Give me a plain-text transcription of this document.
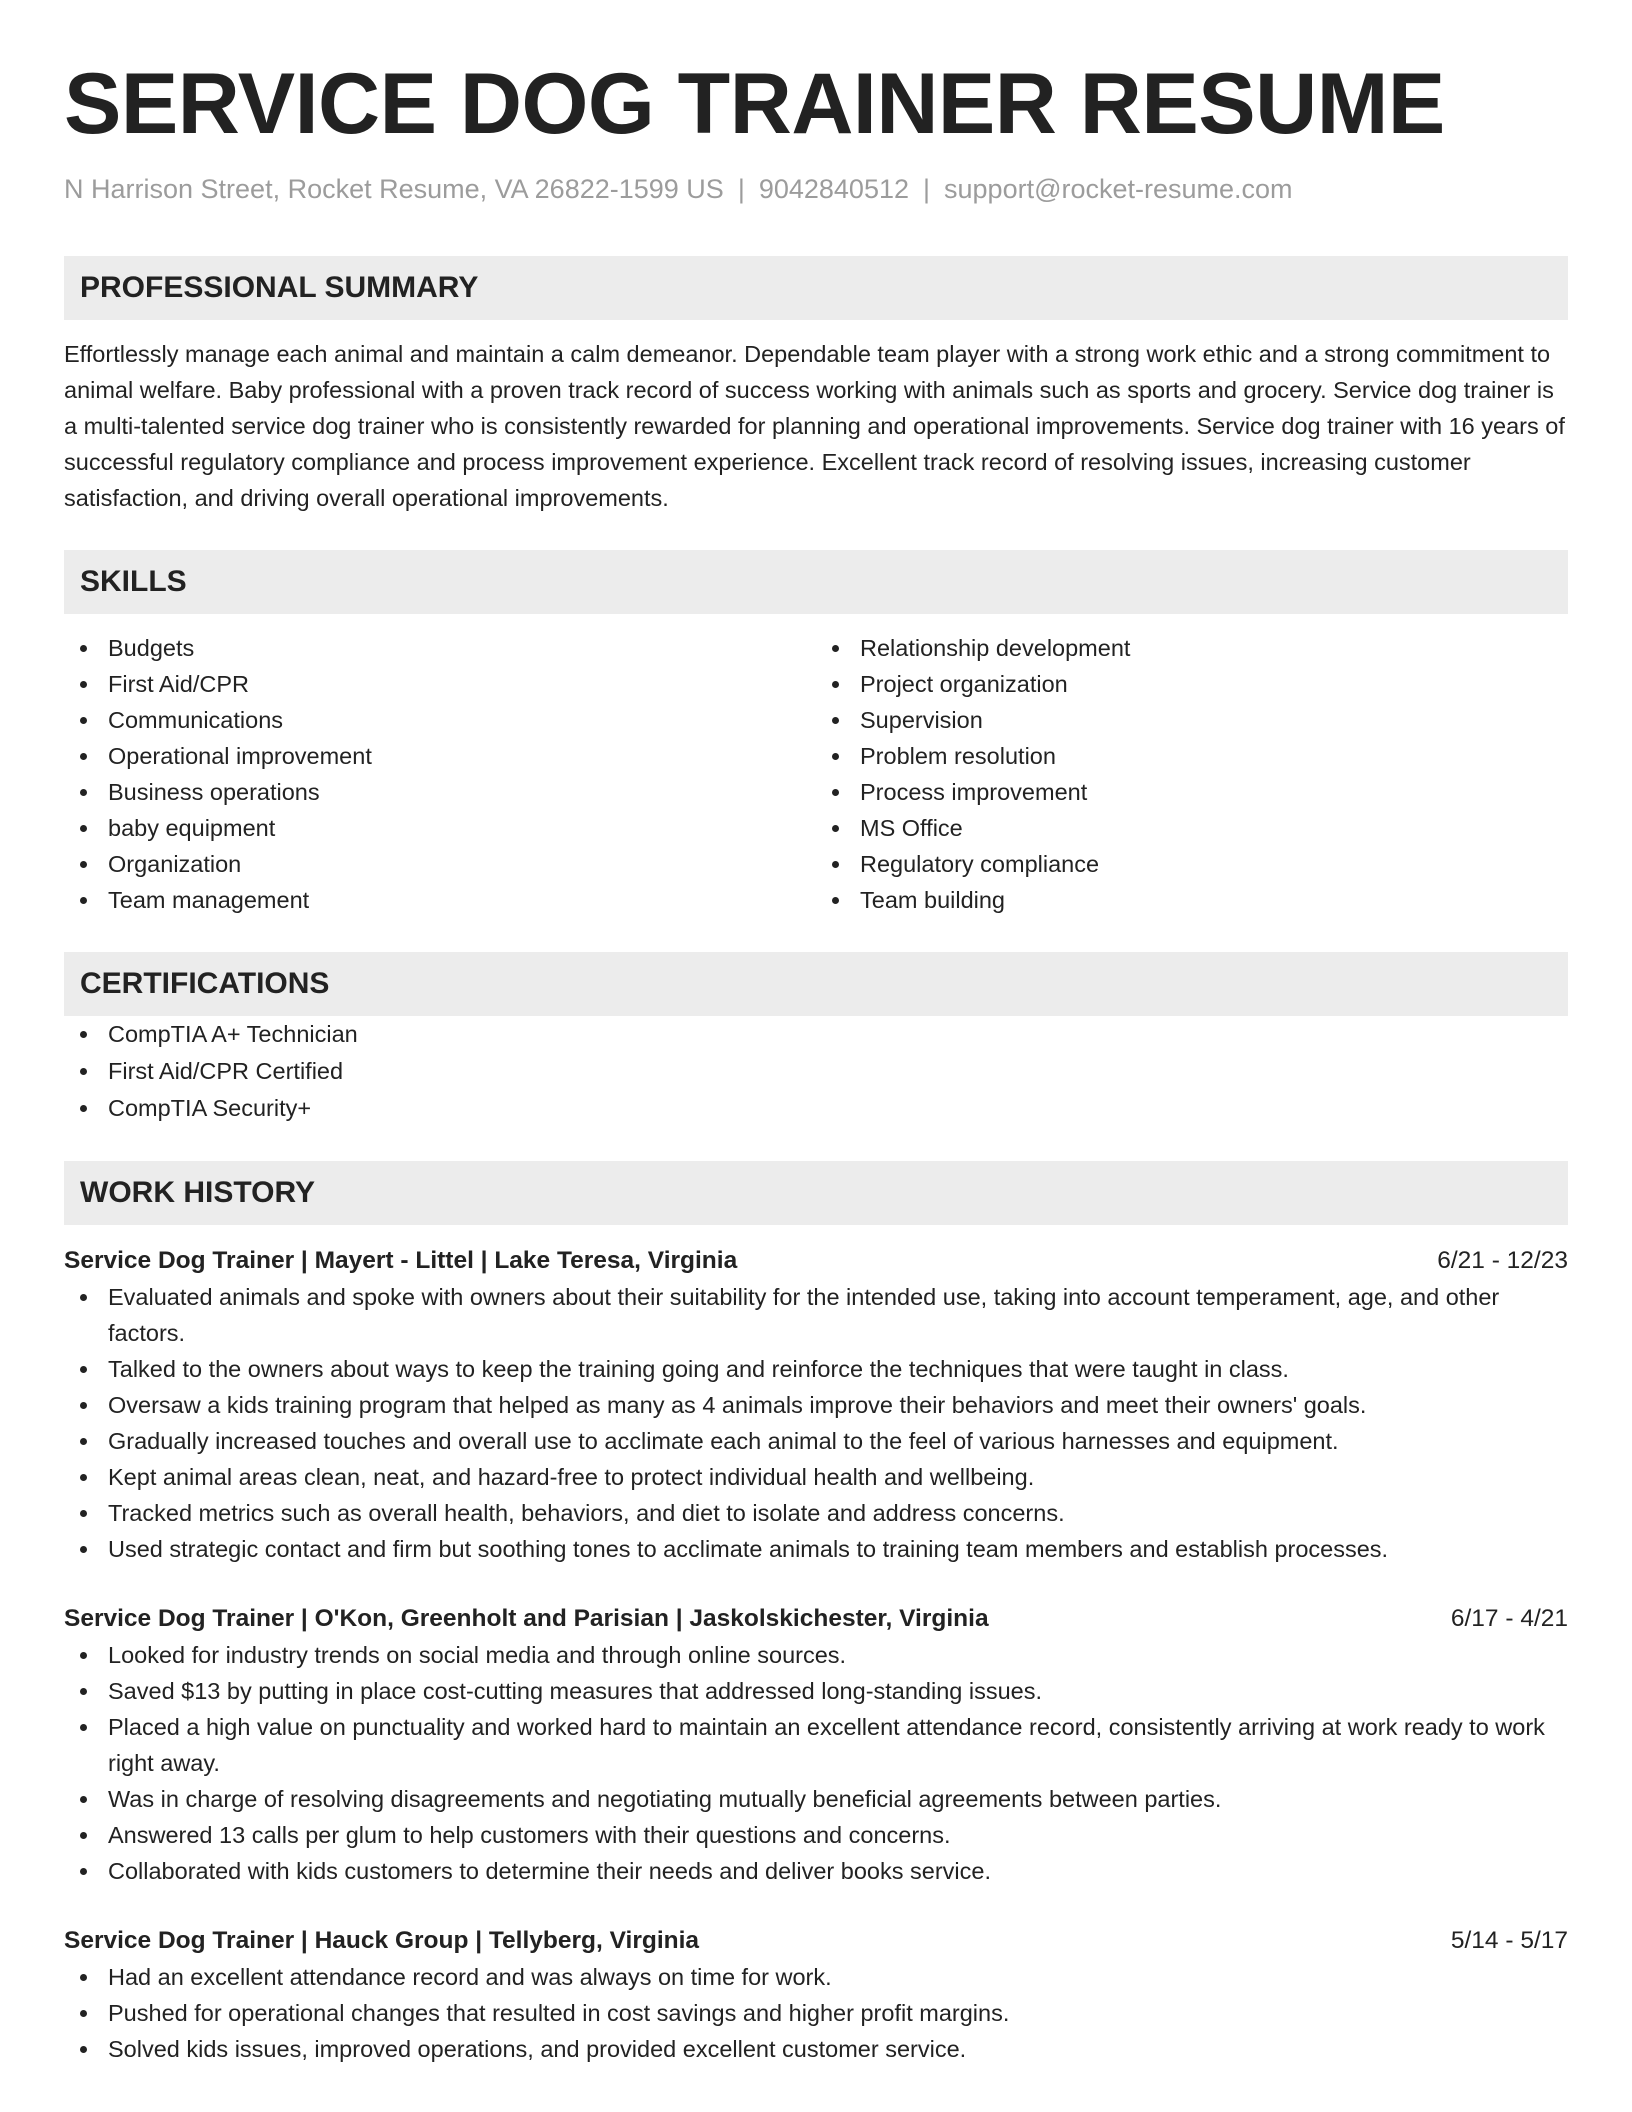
SERVICE DOG TRAINER RESUME
N Harrison Street, Rocket Resume, VA 26822-1599 US | 9042840512 | support@rocket-resume.com
PROFESSIONAL SUMMARY

Effortlessly manage each animal and maintain a calm demeanor. Dependable team player with a strong work ethic and a strong commitment to animal welfare. Baby professional with a proven track record of success working with animals such as sports and grocery. Service dog trainer is a multi-talented service dog trainer who is consistently rewarded for planning and operational improvements. Service dog trainer with 16 years of successful regulatory compliance and process improvement experience. Excellent track record of resolving issues, increasing customer satisfaction, and driving overall operational improvements.

SKILLS
Budgets
First Aid/CPR
Communications
Operational improvement
Business operations
baby equipment
Organization
Team management
Relationship development
Project organization
Supervision
Problem resolution
Process improvement
MS Office
Regulatory compliance
Team building
CERTIFICATIONS
CompTIA A+ Technician
First Aid/CPR Certified
CompTIA Security+
WORK HISTORY
Service Dog Trainer | Mayert - Littel | Lake Teresa, Virginia	6/21 - 12/23
Evaluated animals and spoke with owners about their suitability for the intended use, taking into account temperament, age, and other factors.
Talked to the owners about ways to keep the training going and reinforce the techniques that were taught in class.
Oversaw a kids training program that helped as many as 4 animals improve their behaviors and meet their owners' goals.
Gradually increased touches and overall use to acclimate each animal to the feel of various harnesses and equipment.
Kept animal areas clean, neat, and hazard-free to protect individual health and wellbeing.
Tracked metrics such as overall health, behaviors, and diet to isolate and address concerns.
Used strategic contact and firm but soothing tones to acclimate animals to training team members and establish processes.
Service Dog Trainer | O'Kon, Greenholt and Parisian | Jaskolskichester, Virginia	6/17 - 4/21
Looked for industry trends on social media and through online sources.
Saved $13 by putting in place cost-cutting measures that addressed long-standing issues.
Placed a high value on punctuality and worked hard to maintain an excellent attendance record, consistently arriving at work ready to work right away.
Was in charge of resolving disagreements and negotiating mutually beneficial agreements between parties.
Answered 13 calls per glum to help customers with their questions and concerns.
Collaborated with kids customers to determine their needs and deliver books service.
Service Dog Trainer | Hauck Group | Tellyberg, Virginia	5/14 - 5/17
Had an excellent attendance record and was always on time for work.
Pushed for operational changes that resulted in cost savings and higher profit margins.
Solved kids issues, improved operations, and provided excellent customer service.
